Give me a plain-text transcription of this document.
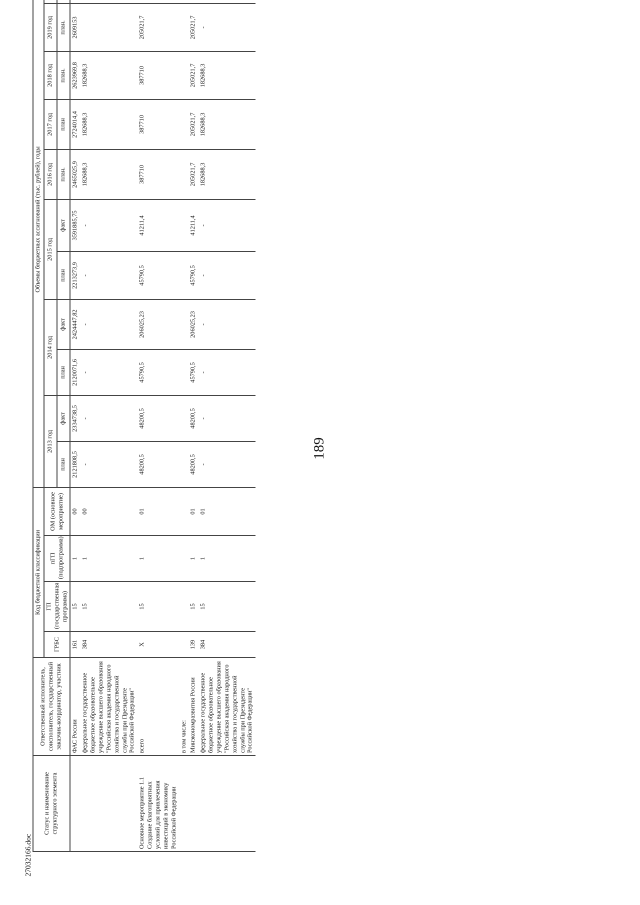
189
27032166.doc
Статус и наименование структурного элемента	Ответственный исполнитель, соисполнитель, государственный заказчик-координатор, участник	Код бюджетной классификации				Объемы бюджетных ассигнований (тыс. рублей), годы										
		ГРБС	ГП (государственная программа)	пГП (подпрограмма)	ОМ (основное мероприятие)	2013 год		2014 год		2015 год		2016 год	2017 год	2018 год	2019 год	
						план	факт	план	факт	план	факт	план.	план	план.	план.	
	ФАС России	161	15	1	00	2121808,5	2334738,5	2120071,6	2424447,82	2213273,9	3591885,75	2465025,9	2724014,4	2623969,8	2609153	
	федеральное государственное бюджетное образовательное учреждение высшего образования "Российская академия народного хозяйства и государственной службы при Президенте Российской Федерации"	384	15	1	00	-	-	-	-	-	-	182688,3	182688,3	182688,3		
Основное мероприятие 1.1 Создание благоприятных условий для привлечения инвестиций в экономику Российской Федерации	всего	Х	15	1	01	48200,5	48200,5	45790,5	206025,23	45790,5	41211,4	387710	387710	387710	205021,7	
	в том числе:															
	Минэкономразвития России	139	15	1	01	48200,5	48200,5	45790,5	206025,23	45790,5	41211,4	205021,7	205021,7	205021,7	205021,7	
	федеральное государственное бюджетное образовательное учреждение высшего образования "Российская академия народного хозяйства и государственной службы при Президенте Российской Федерации"	384	15	1	01	-	-	-	-	-	-	182688,3	182688,3	182688,3	-	
